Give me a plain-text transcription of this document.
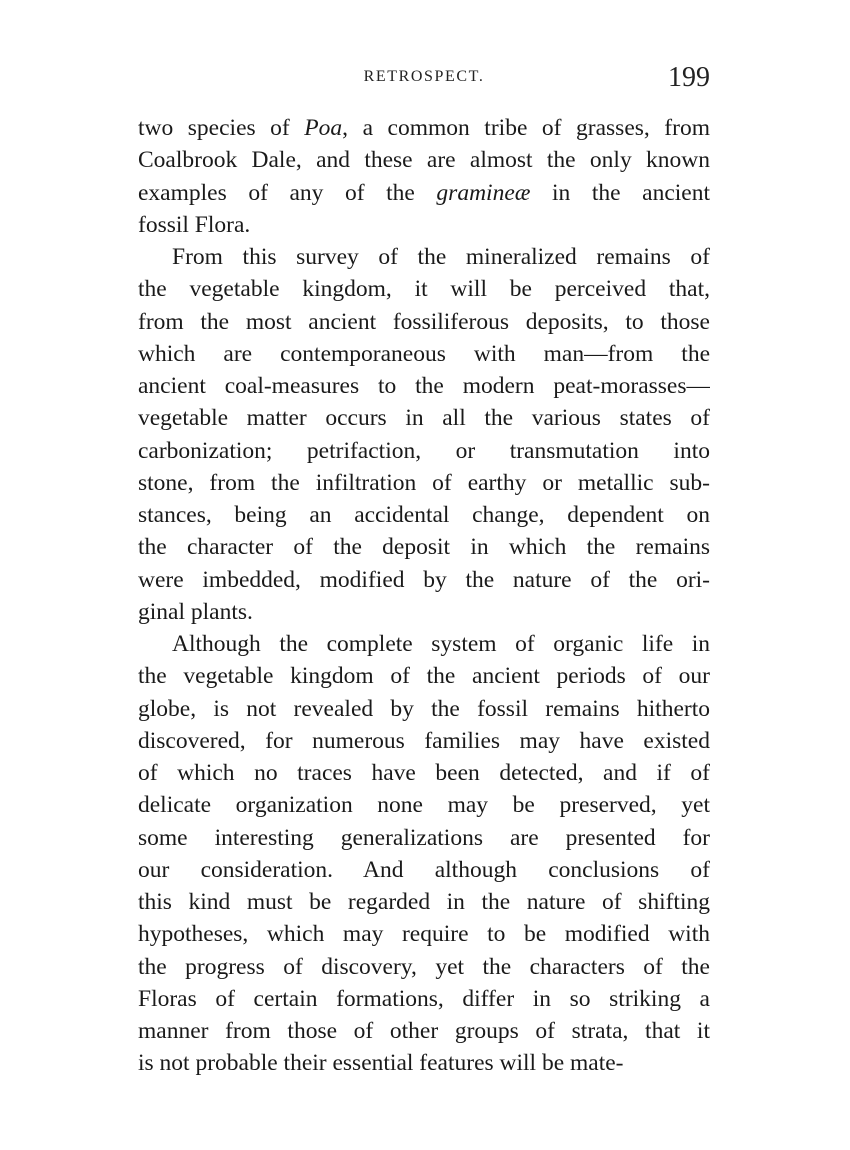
RETROSPECT.	199
two species of Poa, a common tribe of grasses, from
Coalbrook Dale, and these are almost the only known
examples of any of the gramineæ in the ancient
fossil Flora.
From this survey of the mineralized remains of
the vegetable kingdom, it will be perceived that,
from the most ancient fossiliferous deposits, to those
which are contemporaneous with man—from the
ancient coal-measures to the modern peat-morasses—
vegetable matter occurs in all the various states of
carbonization; petrifaction, or transmutation into
stone, from the infiltration of earthy or metallic sub-
stances, being an accidental change, dependent on
the character of the deposit in which the remains
were imbedded, modified by the nature of the ori-
ginal plants.
Although the complete system of organic life in
the vegetable kingdom of the ancient periods of our
globe, is not revealed by the fossil remains hitherto
discovered, for numerous families may have existed
of which no traces have been detected, and if of
delicate organization none may be preserved, yet
some interesting generalizations are presented for
our consideration. And although conclusions of
this kind must be regarded in the nature of shifting
hypotheses, which may require to be modified with
the progress of discovery, yet the characters of the
Floras of certain formations, differ in so striking a
manner from those of other groups of strata, that it
is not probable their essential features will be mate-
